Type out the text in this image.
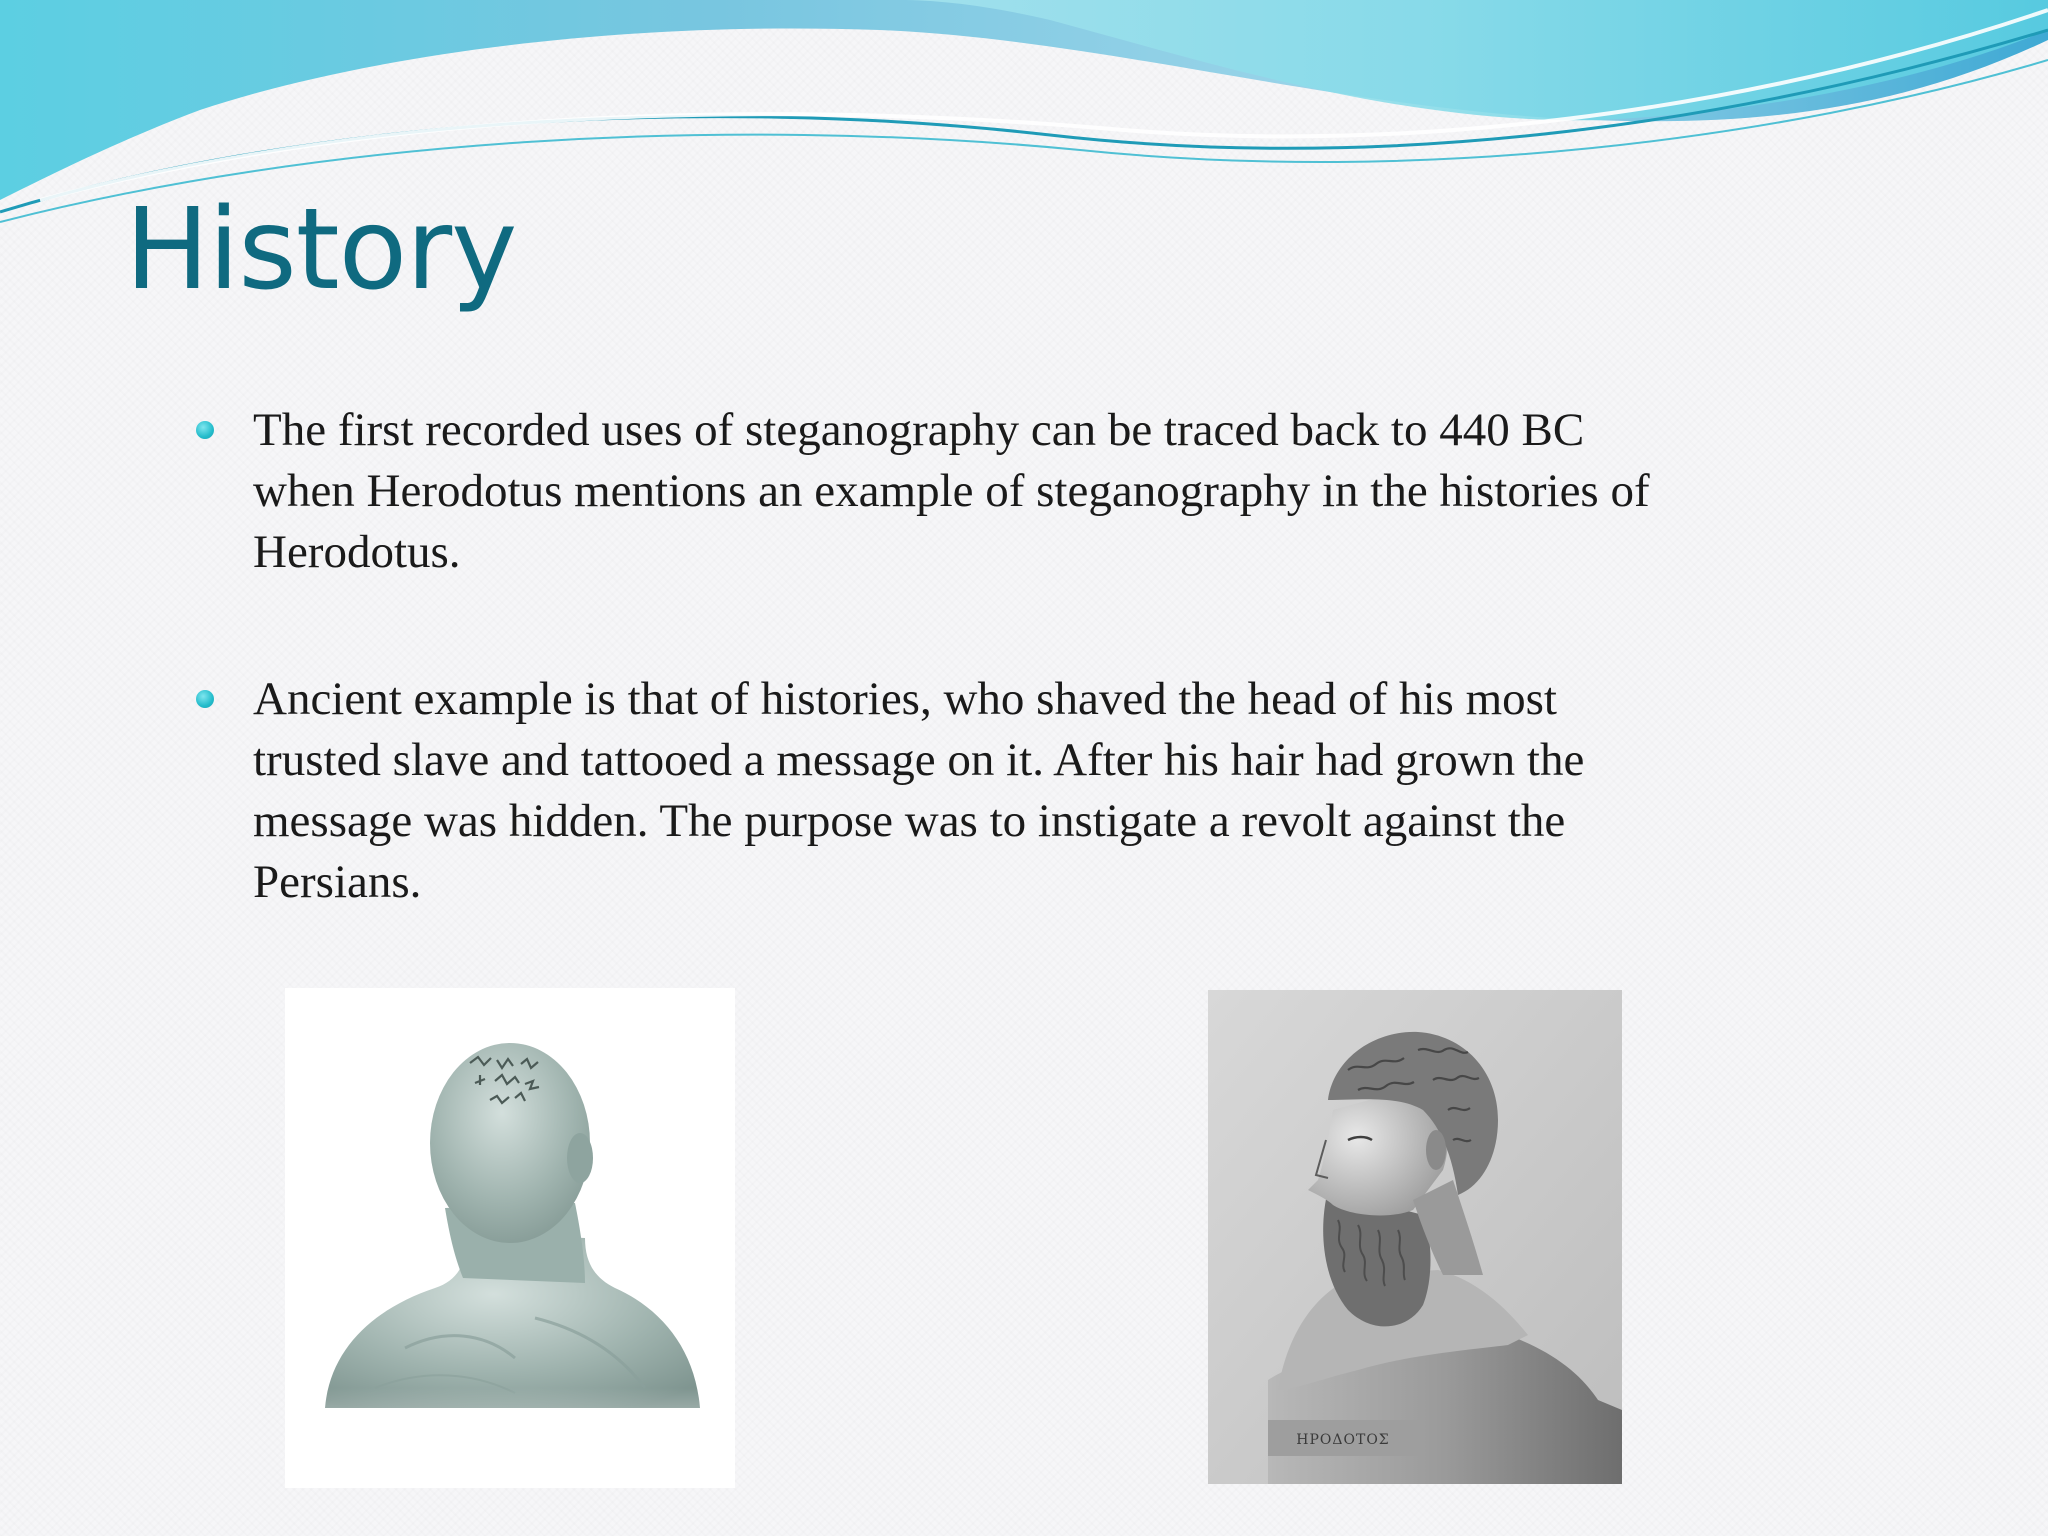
History
The first recorded uses of steganography can be traced back to 440 BC when Herodotus mentions an example of steganography in the histories of Herodotus.
Ancient example is that of histories, who shaved the head of his most trusted slave and tattooed a message on it. After his hair had grown the message was hidden. The purpose was to instigate a revolt against the Persians.
ΗΡΟΔΟΤΟΣ
